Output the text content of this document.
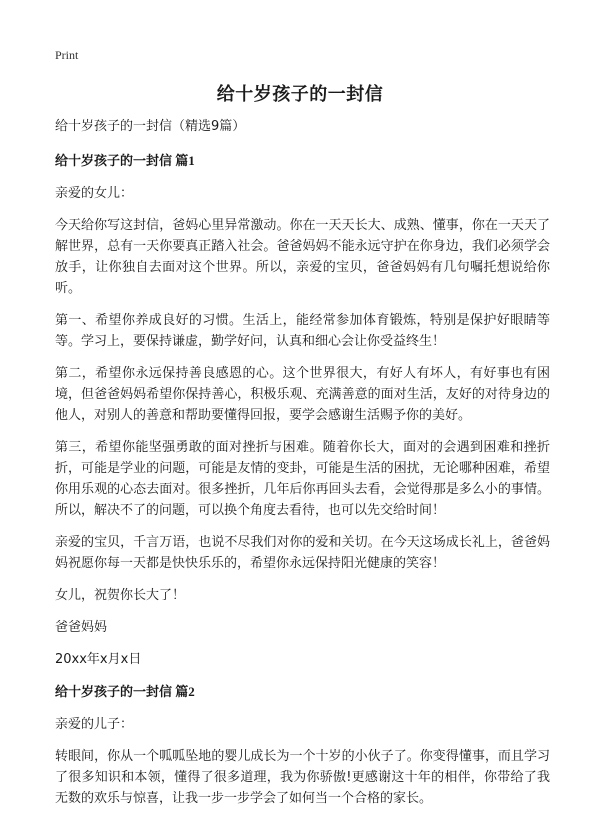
Print
给十岁孩子的一封信

给十岁孩子的一封信（精选9篇）

给十岁孩子的一封信 篇1

亲爱的女儿：

今天给你写这封信，爸妈心里异常激动。你在一天天长大、成熟、懂事，你在一天天了解世界，总有一天你要真正踏入社会。爸爸妈妈不能永远守护在你身边，我们必须学会放手，让你独自去面对这个世界。所以，亲爱的宝贝，爸爸妈妈有几句嘱托想说给你听。

第一、希望你养成良好的习惯。生活上，能经常参加体育锻炼，特别是保护好眼睛等等。学习上，要保持谦虚，勤学好问，认真和细心会让你受益终生！

第二，希望你永远保持善良感恩的心。这个世界很大，有好人有坏人，有好事也有困境，但爸爸妈妈希望你保持善心，积极乐观、充满善意的面对生活，友好的对待身边的他人，对别人的善意和帮助要懂得回报，要学会感谢生活赐予你的美好。

第三，希望你能坚强勇敢的面对挫折与困难。随着你长大，面对的会遇到困难和挫折折，可能是学业的问题，可能是友情的变卦，可能是生活的困扰，无论哪种困难，希望你用乐观的心态去面对。很多挫折，几年后你再回头去看，会觉得那是多么小的事情。所以，解决不了的问题，可以换个角度去看待，也可以先交给时间！

亲爱的宝贝，千言万语，也说不尽我们对你的爱和关切。在今天这场成长礼上，爸爸妈妈祝愿你每一天都是快快乐乐的，希望你永远保持阳光健康的笑容！

女儿，祝贺你长大了！

爸爸妈妈

20xx年x月x日

给十岁孩子的一封信 篇2

亲爱的儿子：

转眼间，你从一个呱呱坠地的婴儿成长为一个十岁的小伙子了。你变得懂事，而且学习了很多知识和本领，懂得了很多道理，我为你骄傲!更感谢这十年的相伴，你带给了我无数的欢乐与惊喜，让我一步一步学会了如何当一个合格的家长。
